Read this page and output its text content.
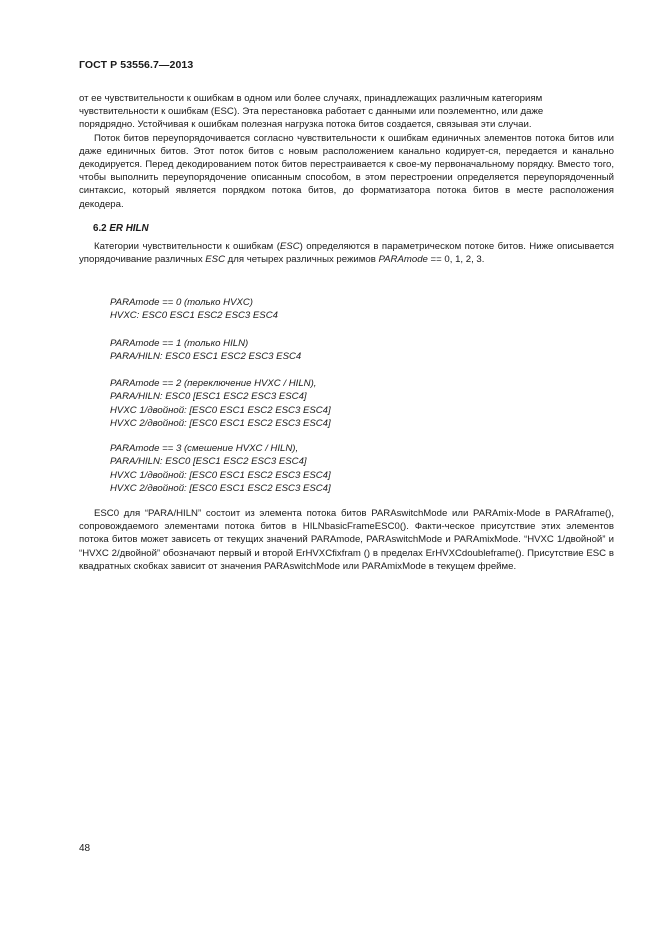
ГОСТ Р 53556.7—2013
от ее чувствительности к ошибкам в одном или более случаях, принадлежащих различным категориям
чувствительности к ошибкам (ESC). Эта перестановка работает с данными или поэлементно, или даже
порядрядно. Устойчивая к ошибкам полезная нагрузка потока битов создается, связывая эти случаи.
Поток битов переупорядочивается согласно чувствительности к ошибкам единичных элементов потока битов или даже единичных битов. Этот поток битов с новым расположением канально кодирует-ся, передается и канально декодируется. Перед декодированием поток битов перестраивается к свое-му первоначальному порядку. Вместо того, чтобы выполнить переупорядочение описанным способом, в этом перестроении определяется переупорядоченный синтаксис, который является порядком потока битов, до форматизатора потока битов в месте расположения декодера.
6.2 ER HILN
Категории чувствительности к ошибкам (ESC) определяются в параметрическом потоке битов. Ниже описывается упорядочивание различных ESC для четырех различных режимов PARAmode == 0, 1, 2, 3.
PARAmode == 0 (только HVXC)
HVXC: ESC0 ESC1 ESC2 ESC3 ESC4
PARAmode == 1 (только HILN)
PARA/HILN: ESC0 ESC1 ESC2 ESC3 ESC4
PARAmode == 2 (переключение HVXC / HILN),
PARA/HILN: ESC0 [ESC1 ESC2 ESC3 ESC4]
HVXC 1/двойной: [ESC0 ESC1 ESC2 ESC3 ESC4]
HVXC 2/двойной: [ESC0 ESC1 ESC2 ESC3 ESC4]
PARAmode == 3 (смешение HVXC / HILN),
PARA/HILN: ESC0 [ESC1 ESC2 ESC3 ESC4]
HVXC 1/двойной: [ESC0 ESC1 ESC2 ESC3 ESC4]
HVXC 2/двойной: [ESC0 ESC1 ESC2 ESC3 ESC4]
ESC0 для “PARA/HILN” состоит из элемента потока битов PARAswitchMode или PARAmix-Mode в PARAframe(), сопровождаемого элементами потока битов в HILNbasicFrameESC0(). Факти-ческое присутствие этих элементов потока битов может зависеть от текущих значений PARAmode, PARAswitchMode и PARAmixMode. “HVXC 1/двойной” и “HVXC 2/двойной” обозначают первый и второй ErHVXCfixfram () в пределах ErHVXCdoubleframe(). Присутствие ESC в квадратных скобках зависит от значения PARAswitchMode или PARAmixMode в текущем фрейме.
48
